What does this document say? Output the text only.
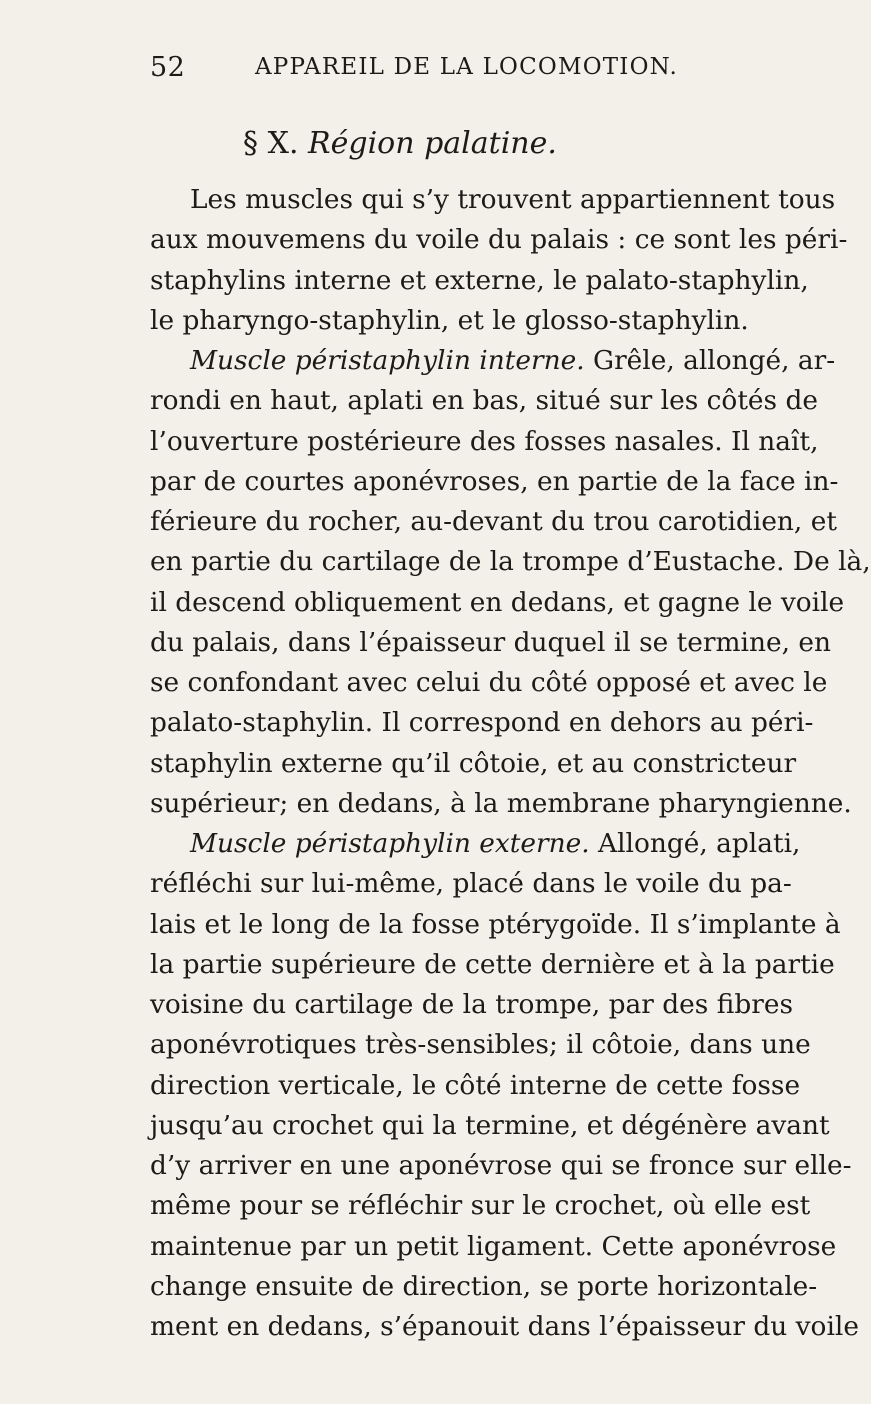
52	APPAREIL DE LA LOCOMOTION.
§ X. Région palatine.
Les muscles qui s’y trouvent appartiennent tous
aux mouvemens du voile du palais : ce sont les péri-
staphylins interne et externe, le palato-staphylin,
le pharyngo-staphylin, et le glosso-staphylin.
Muscle péristaphylin interne. Grêle, allongé, ar-
rondi en haut, aplati en bas, situé sur les côtés de
l’ouverture postérieure des fosses nasales. Il naît,
par de courtes aponévroses, en partie de la face in-
férieure du rocher, au-devant du trou carotidien, et
en partie du cartilage de la trompe d’Eustache. De là,
il descend obliquement en dedans, et gagne le voile
du palais, dans l’épaisseur duquel il se termine, en
se confondant avec celui du côté opposé et avec le
palato-staphylin. Il correspond en dehors au péri-
staphylin externe qu’il côtoie, et au constricteur
supérieur; en dedans, à la membrane pharyngienne.
Muscle péristaphylin externe. Allongé, aplati,
réfléchi sur lui-même, placé dans le voile du pa-
lais et le long de la fosse ptérygoïde. Il s’implante à
la partie supérieure de cette dernière et à la partie
voisine du cartilage de la trompe, par des fibres
aponévrotiques très-sensibles; il côtoie, dans une
direction verticale, le côté interne de cette fosse
jusqu’au crochet qui la termine, et dégénère avant
d’y arriver en une aponévrose qui se fronce sur elle-
même pour se réfléchir sur le crochet, où elle est
maintenue par un petit ligament. Cette aponévrose
change ensuite de direction, se porte horizontale-
ment en dedans, s’épanouit dans l’épaisseur du voile
